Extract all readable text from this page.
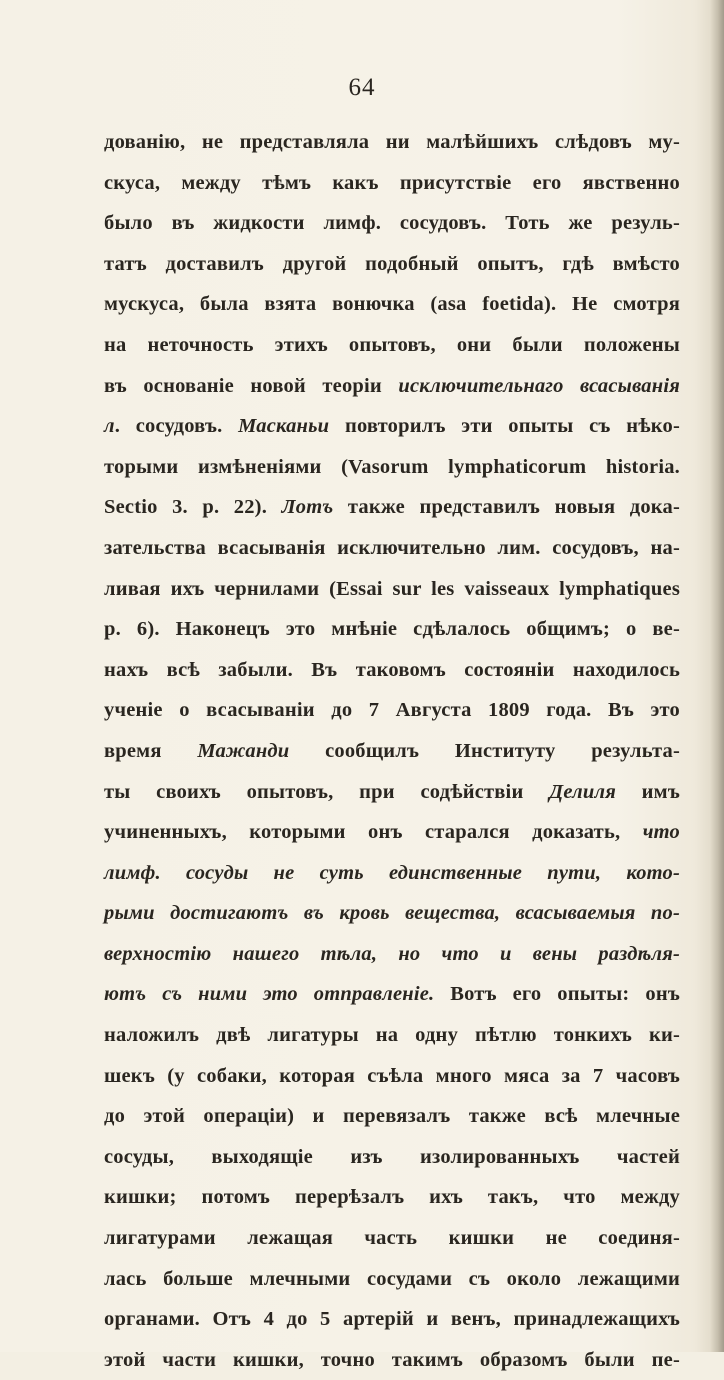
64
дованію, не представляла ни малѣйшихъ слѣдовъ му-
скуса, между тѣмъ какъ присутствіе его явственно
было въ жидкости лимф. сосудовъ. Тоть же резуль-
татъ доставилъ другой подобный опытъ, гдѣ вмѣсто
мускуса, была взята вонючка (asa foetida). Не смотря
на неточность этихъ опытовъ, они были положены
въ основаніе новой теоріи исключительнаго всасыванія
л. сосудовъ. Масканьи повторилъ эти опыты съ нѣко-
торыми измѣненіями (Vasorum lymphaticorum historia.
Sectio 3. p. 22). Лотъ также представилъ новыя дока-
зательства всасыванія исключительно лим. сосудовъ, на-
ливая ихъ чернилами (Essai sur les vaisseaux lymphatiques
p. 6). Наконецъ это мнѣніе сдѣлалось общимъ; о ве-
нахъ всѣ забыли. Въ таковомъ состояніи находилось
ученіе о всасываніи до 7 Августа 1809 года. Въ это
время Мажанди сообщилъ Институту результа-
ты своихъ опытовъ, при содѣйствіи Делиля имъ
учиненныхъ, которыми онъ старался доказать, что
лимф. сосуды не суть единственные пути, кото-
рыми достигаютъ въ кровь вещества, всасываемыя по-
верхностію нашего тѣла, но что и вены раздѣля-
ютъ съ ними это отправленіе. Вотъ его опыты: онъ
наложилъ двѣ лигатуры на одну пѣтлю тонкихъ ки-
шекъ (у собаки, которая съѣла много мяса за 7 часовъ
до этой операціи) и перевязалъ также всѣ млечные
сосуды, выходящіе изъ изолированныхъ частей
кишки; потомъ перерѣзалъ ихъ такъ, что между
лигатурами лежащая часть кишки не соединя-
лась больше млечными сосудами съ около лежащими
органами. Отъ 4 до 5 артерій и венъ, принадлежащихъ
этой части кишки, точно такимъ образомъ были пе-
